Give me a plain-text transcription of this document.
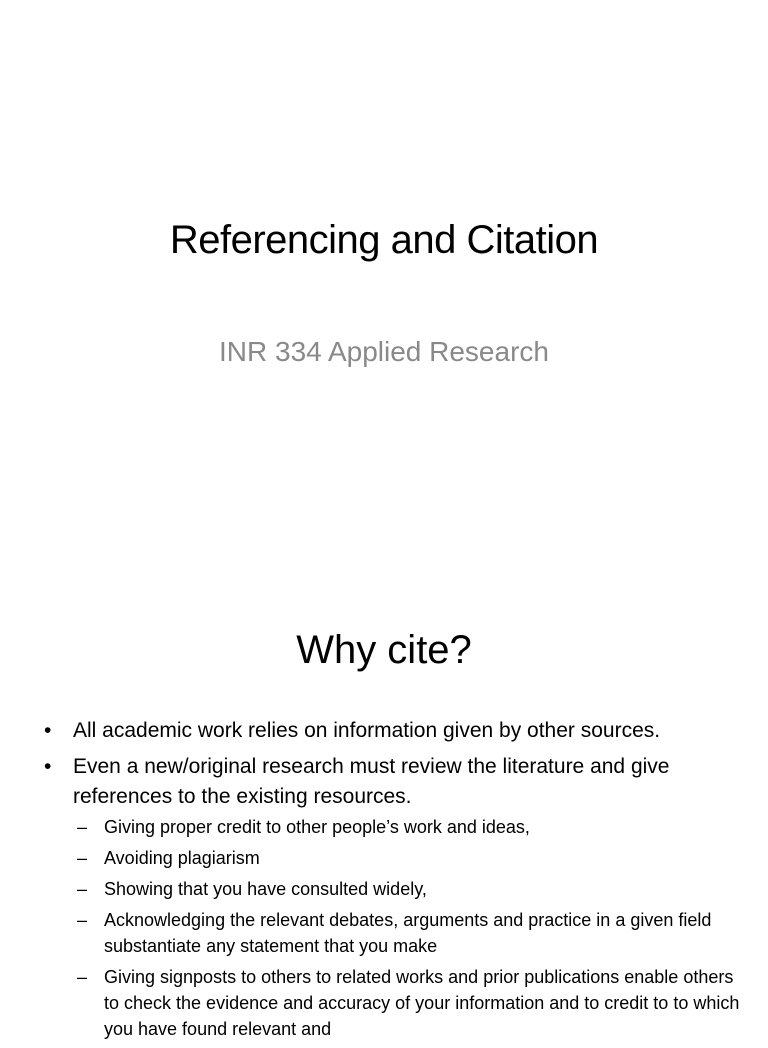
Referencing and Citation
INR 334 Applied Research
Why cite?
• All academic work relies on information given by other sources.
• Even a new/original research must review the literature and give references to the existing resources.
– Giving proper credit to other people’s work and ideas,
– Avoiding plagiarism
– Showing that you have consulted widely,
– Acknowledging the relevant debates, arguments and practice in a given field substantiate any statement that you make
– Giving signposts to others to related works and prior publications enable others to check the evidence and accuracy of your information and to credit to to which you have found relevant and
